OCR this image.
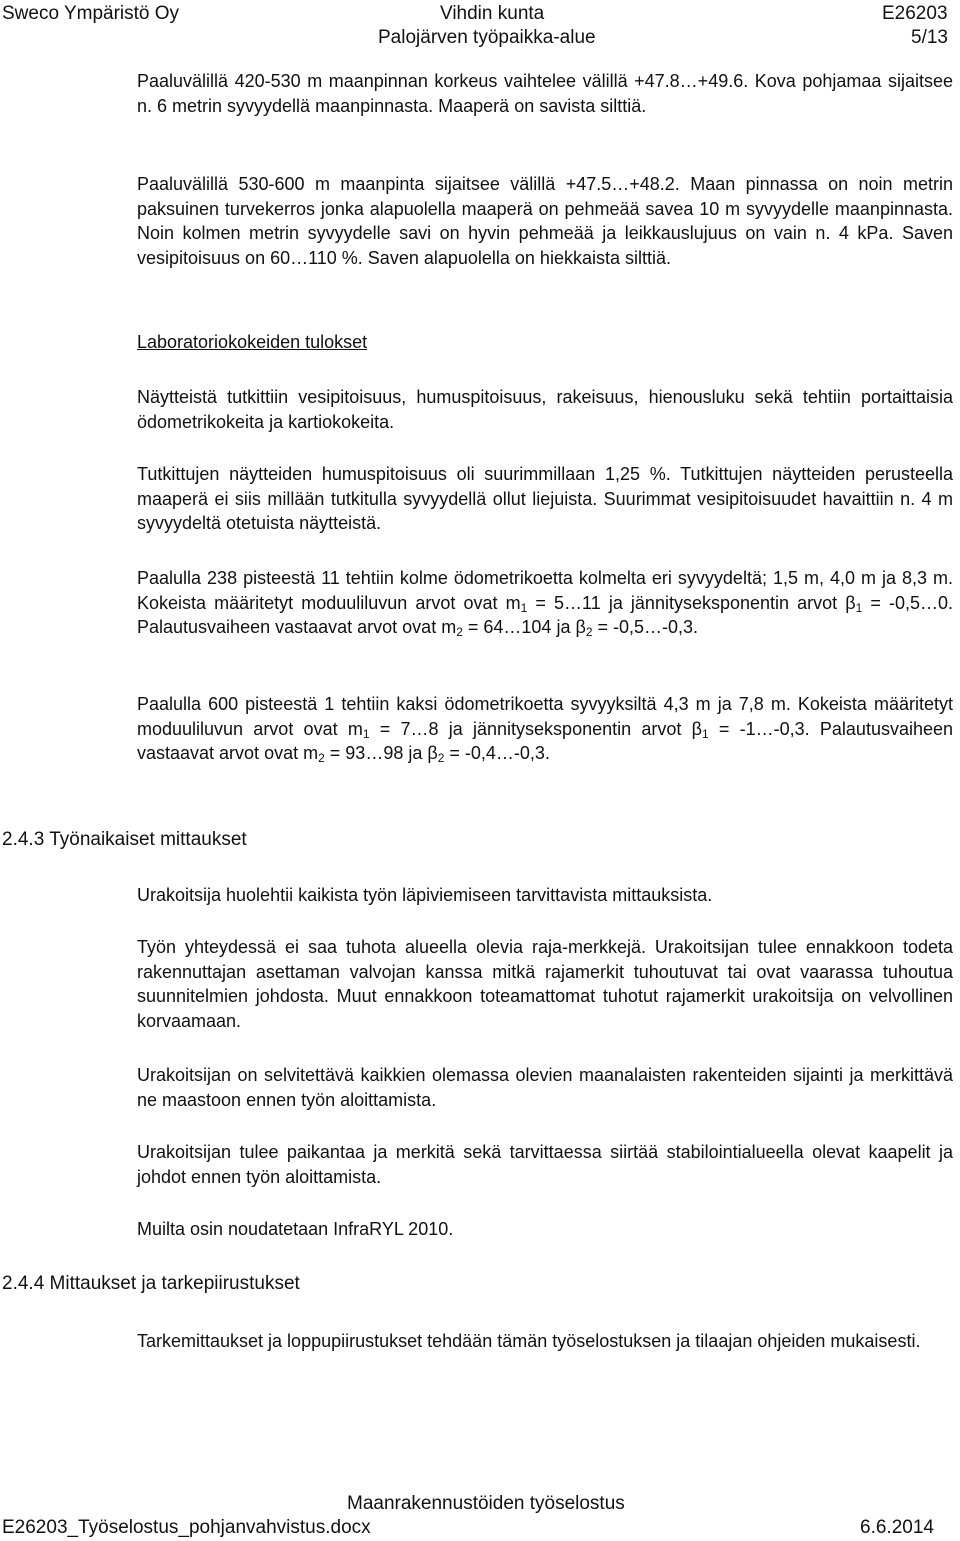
Sweco Ympäristö Oy	Vihdin kunta	E26203
Palojärven työpaikka-alue	5/13

Paaluvälillä 420-530 m maanpinnan korkeus vaihtelee välillä +47.8…+49.6. Kova pohjamaa sijaitsee n. 6 metrin syvyydellä maanpinnasta. Maaperä on savista silttiä.

Paaluvälillä 530-600 m maanpinta sijaitsee välillä +47.5…+48.2. Maan pinnassa on noin metrin paksuinen turvekerros jonka alapuolella maaperä on pehmeää savea 10 m syvyydelle maanpinnasta. Noin kolmen metrin syvyydelle savi on hyvin pehmeää ja leikkauslujuus on vain n. 4 kPa. Saven vesipitoisuus on 60…110 %. Saven alapuolella on hiekkaista silttiä.

Laboratoriokokeiden tulokset

Näytteistä tutkittiin vesipitoisuus, humuspitoisuus, rakeisuus, hienousluku sekä tehtiin portaittaisia ödometrikokeita ja kartiokokeita.

Tutkittujen näytteiden humuspitoisuus oli suurimmillaan 1,25 %. Tutkittujen näytteiden perusteella maaperä ei siis millään tutkitulla syvyydellä ollut liejuista. Suurimmat vesipitoisuudet havaittiin n. 4 m syvyydeltä otetuista näytteistä.

Paalulla 238 pisteestä 11 tehtiin kolme ödometrikoetta kolmelta eri syvyydeltä; 1,5 m, 4,0 m ja 8,3 m. Kokeista määritetyt moduuliluvun arvot ovat $m_1$ = 5…11 ja jännityseksponentin arvot $\beta_1$ = -0,5…0. Palautusvaiheen vastaavat arvot ovat $m_2$ = 64…104 ja $\beta_2$ = -0,5…-0,3.

Paalulla 600 pisteestä 1 tehtiin kaksi ödometrikoetta syvyyksiltä 4,3 m ja 7,8 m. Kokeista määritetyt moduuliluvun arvot ovat $m_1$ = 7…8 ja jännityseksponentin arvot $\beta_1$ = -1…-0,3. Palautusvaiheen vastaavat arvot ovat $m_2$ = 93…98 ja $\beta_2$ = -0,4…-0,3.

2.4.3 Työnaikaiset mittaukset

Urakoitsija huolehtii kaikista työn läpiviemiseen tarvittavista mittauksista.

Työn yhteydessä ei saa tuhota alueella olevia raja-merkkejä. Urakoitsijan tulee ennakkoon todeta rakennuttajan asettaman valvojan kanssa mitkä rajamerkit tuhoutuvat tai ovat vaarassa tuhoutua suunnitelmien johdosta. Muut ennakkoon toteamattomat tuhotut rajamerkit urakoitsija on velvollinen korvaamaan.

Urakoitsijan on selvitettävä kaikkien olemassa olevien maanalaisten rakenteiden sijainti ja merkittävä ne maastoon ennen työn aloittamista.

Urakoitsijan tulee paikantaa ja merkitä sekä tarvittaessa siirtää stabilointialueella olevat kaapelit ja johdot ennen työn aloittamista.

Muilta osin noudatetaan InfraRYL 2010.

2.4.4 Mittaukset ja tarkepiirustukset

Tarkemittaukset ja loppupiirustukset tehdään tämän työselostuksen ja tilaajan ohjeiden mukaisesti.

Maanrakennustöiden työselostus
E26203_Työselostus_pohjanvahvistus.docx	6.6.2014
